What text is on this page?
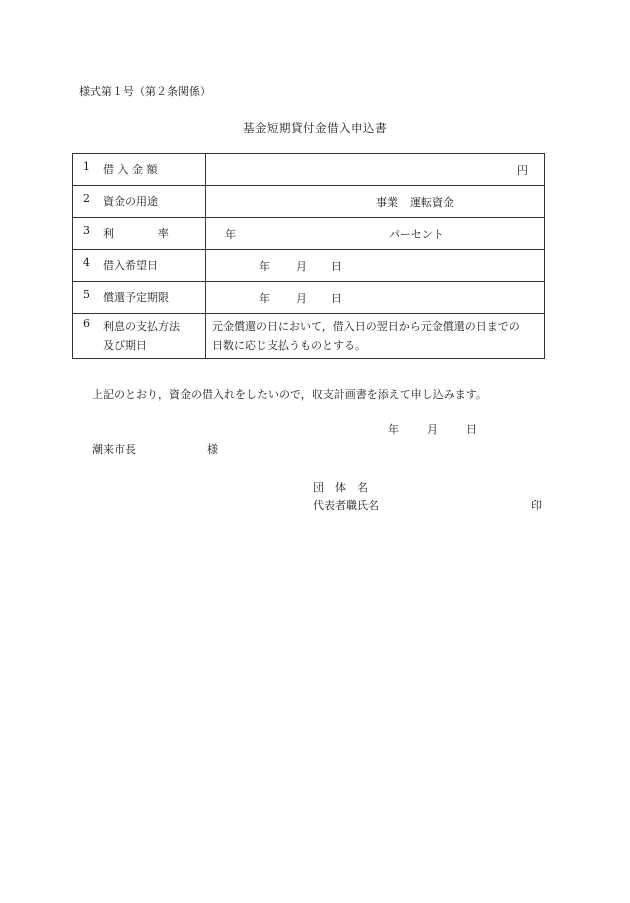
様式第１号（第２条関係）
基金短期貸付金借入申込書
1 借 入 金 額	円

2 資金の用途	事業 運転資金

3 利 率	年 パーセント

4 借入希望日	年 月 日

5 償還予定期限	年 月 日

6 利息の支払方法
及び期日	元金償還の日において，借入日の翌日から元金償還の日までの
日数に応じ支払うものとする。
上記のとおり，資金の借入れをしたいので，収支計画書を添えて申し込みます。
年	月	日
潮来市長	様
団　体　名
代表者職氏名	印
